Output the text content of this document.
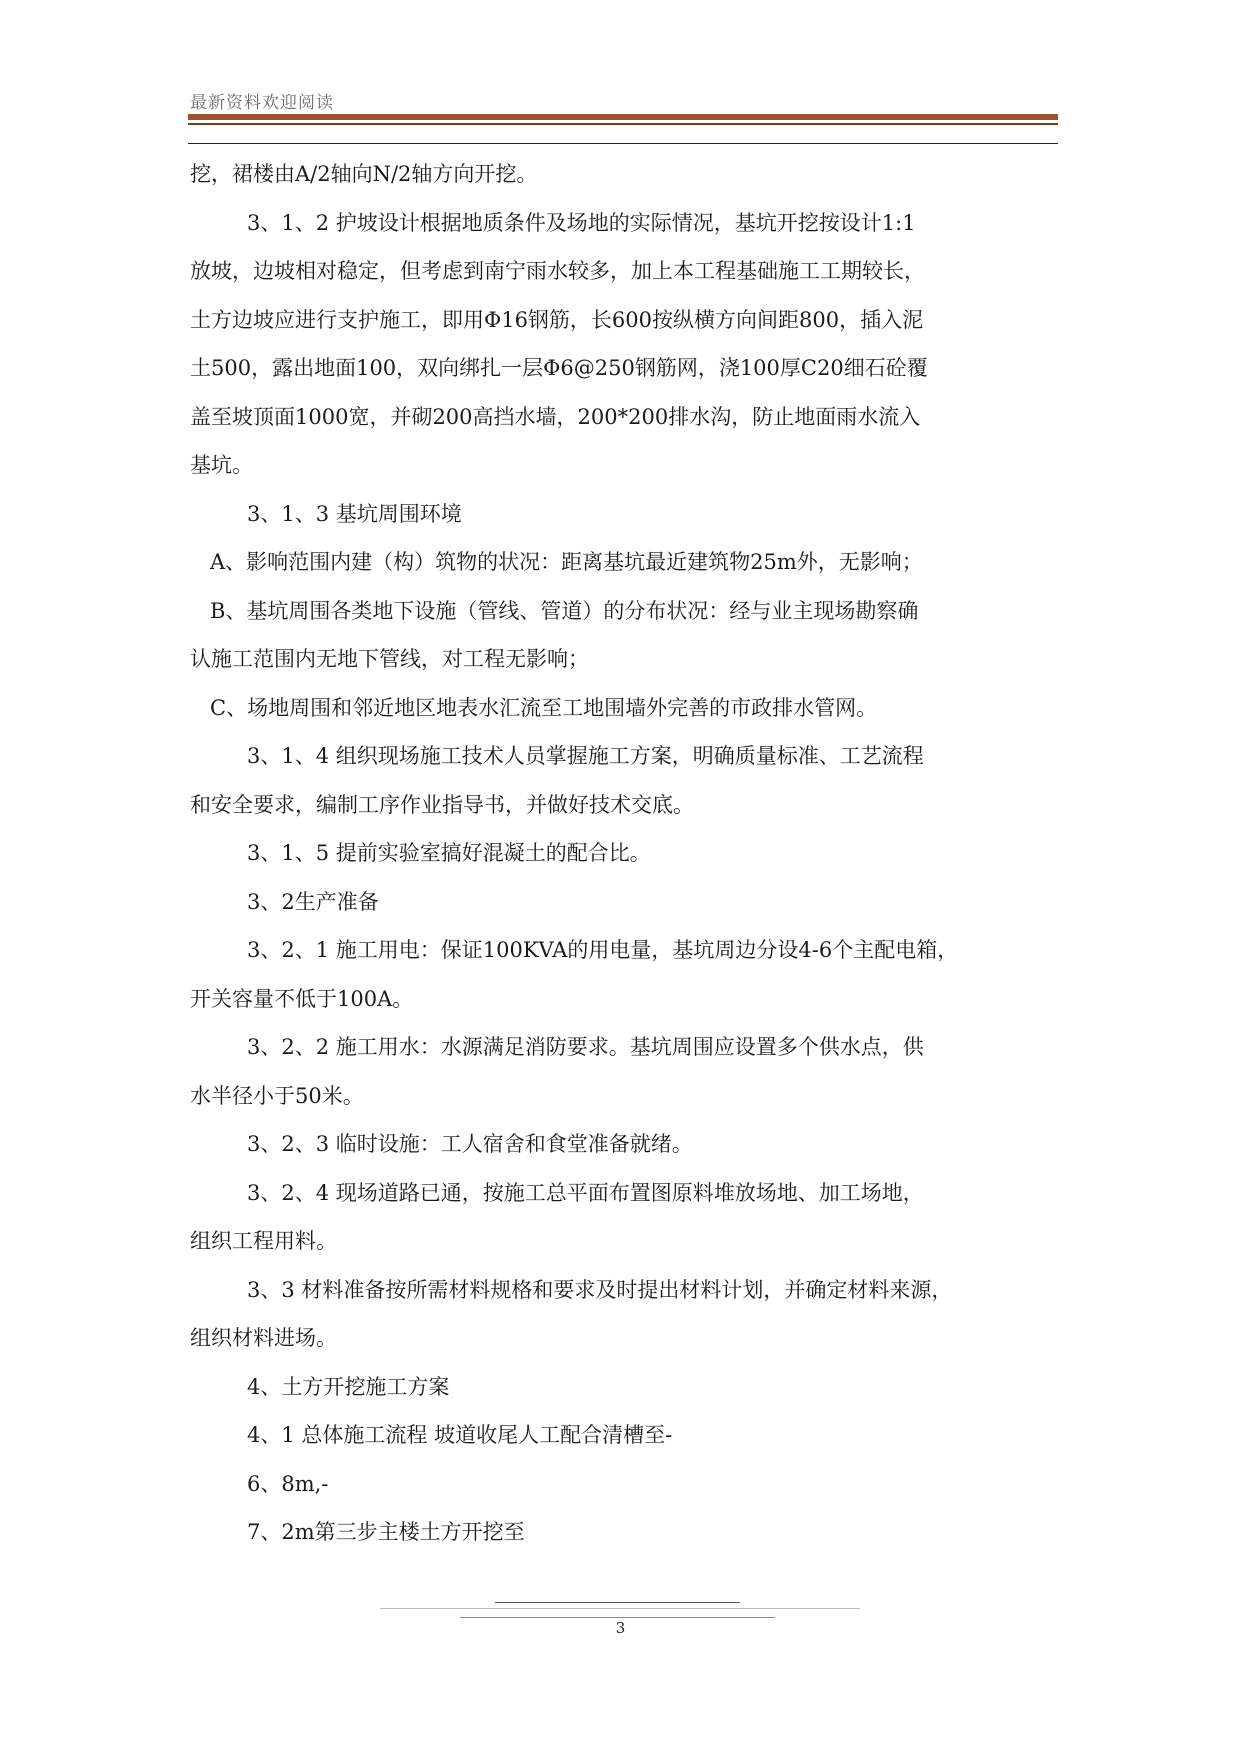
最新资料欢迎阅读

挖，裙楼由A/2轴向N/2轴方向开挖。

3、1、2 护坡设计根据地质条件及场地的实际情况，基坑开挖按设计1:1

放坡，边坡相对稳定，但考虑到南宁雨水较多，加上本工程基础施工工期较长，

土方边坡应进行支护施工，即用Φ16钢筋，长600按纵横方向间距800，插入泥

土500，露出地面100，双向绑扎一层Φ6@250钢筋网，浇100厚C20细石砼覆

盖至坡顶面1000宽，并砌200高挡水墙，200*200排水沟，防止地面雨水流入

基坑。

3、1、3 基坑周围环境

A、影响范围内建（构）筑物的状况：距离基坑最近建筑物25m外，无影响；

B、基坑周围各类地下设施（管线、管道）的分布状况：经与业主现场勘察确

认施工范围内无地下管线，对工程无影响；

C、场地周围和邻近地区地表水汇流至工地围墙外完善的市政排水管网。

3、1、4 组织现场施工技术人员掌握施工方案，明确质量标准、工艺流程

和安全要求，编制工序作业指导书，并做好技术交底。

3、1、5 提前实验室搞好混凝土的配合比。

3、2生产准备

3、2、1 施工用电：保证100KVA的用电量，基坑周边分设4-6个主配电箱，

开关容量不低于100A。

3、2、2 施工用水：水源满足消防要求。基坑周围应设置多个供水点，供

水半径小于50米。

3、2、3 临时设施：工人宿舍和食堂准备就绪。

3、2、4 现场道路已通，按施工总平面布置图原料堆放场地、加工场地，

组织工程用料。

3、3 材料准备按所需材料规格和要求及时提出材料计划，并确定材料来源，

组织材料进场。

4、土方开挖施工方案

4、1 总体施工流程 坡道收尾人工配合清槽至-

6、8m,-

7、2m第三步主楼土方开挖至

3
